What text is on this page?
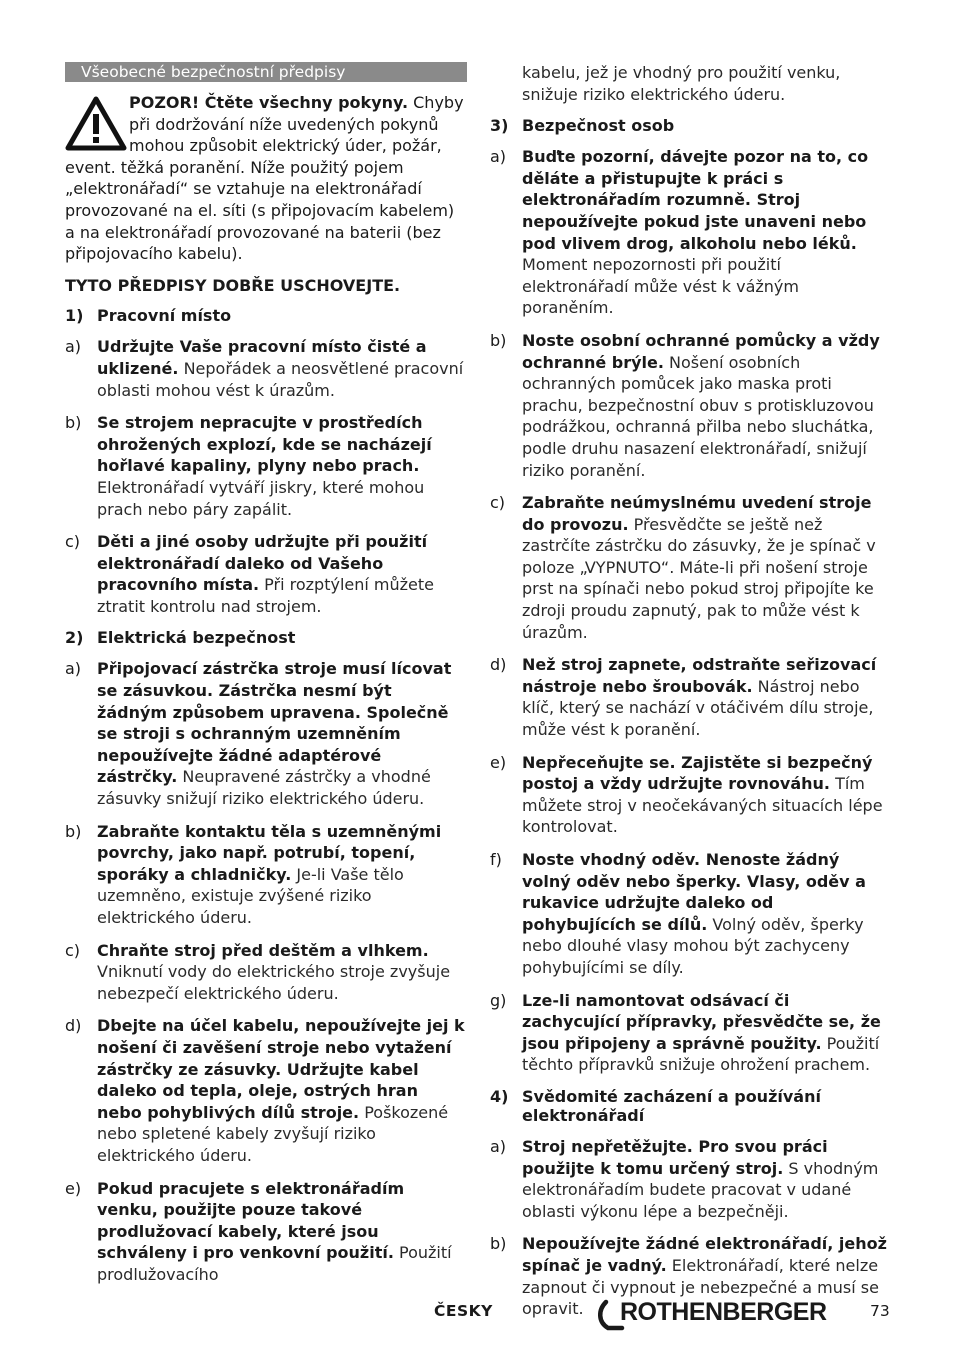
Všeobecné bezpečnostní předpisy

POZOR! Čtěte všechny pokyny. Chyby při dodržování níže uvedených pokynů mohou způsobit elektrický úder, požár, event. těžká poranění. Níže použitý pojem „elektronářadí“ se vztahuje na elektronářadí provozované na el. síti (s připojovacím kabelem) a na elektronářadí provozované na baterii (bez připojovacího kabelu).

TYTO PŘEDPISY DOBŘE USCHOVEJTE.

1) Pracovní místo
a) Udržujte Vaše pracovní místo čisté a uklizené. Nepořádek a neosvětlené pracovní oblasti mohou vést k úrazům.
b) Se strojem nepracujte v prostředích ohrožených explozí, kde se nacházejí hořlavé kapaliny, plyny nebo prach. Elektronářadí vytváří jiskry, které mohou prach nebo páry zapálit.
c)	Děti a jiné osoby udržujte při použití elektronářadí daleko od Vašeho pracovního místa. Při rozptýlení můžete ztratit kontrolu nad strojem.
2) Elektrická bezpečnost
a) Připojovací zástrčka stroje musí lícovat se zásuvkou. Zástrčka nesmí být žádným způsobem upravena. Společně se stroji s ochranným uzemněním nepoužívejte žádné adaptérové zástrčky. Neupravené zástrčky a vhodné zásuvky snižují riziko elektrického úderu.
b) Zabraňte kontaktu těla s uzemněnými povrchy, jako např. potrubí, topení, sporáky a chladničky. Je-li Vaše tělo uzemněno, existuje zvýšené riziko elektrického úderu.
c)	Chraňte stroj před deštěm a vlhkem. Vniknutí vody do elektrického stroje zvyšuje nebezpečí elektrického úderu.
d) Dbejte na účel kabelu, nepoužívejte jej k nošení či zavěšení stroje nebo vytažení zástrčky ze zásuvky. Udržujte kabel daleko od tepla, oleje, ostrých hran nebo pohyblivých dílů stroje. Poškozené nebo spletené kabely zvyšují riziko elektrického úderu.
e) Pokud pracujete s elektronářadím venku, použijte pouze takové prodlužovací kabely, které jsou schváleny i pro venkovní použití. Použití prodlužovacího

kabelu, jež je vhodný pro použití venku, snižuje riziko elektrického úderu.

3) Bezpečnost osob
a) Buďte pozorní, dávejte pozor na to, co děláte a přistupujte k práci s elektronářadím rozumně. Stroj nepoužívejte pokud jste unaveni nebo pod vlivem drog, alkoholu nebo léků. Moment nepozornosti při použití elektronářadí může vést k vážným poraněním.
b) Noste osobní ochranné pomůcky a vždy ochranné brýle. Nošení osobních ochranných pomůcek jako maska proti prachu, bezpečnostní obuv s protiskluzovou podrážkou, ochranná přilba nebo sluchátka, podle druhu nasazení elektronářadí, snižují riziko poranění.
c)	Zabraňte neúmyslnému uvedení stroje do provozu. Přesvědčte se ještě než zastrčíte zástrčku do zásuvky, že je spínač v poloze „VYPNUTO“. Máte-li při nošení stroje prst na spínači nebo pokud stroj připojíte ke zdroji proudu zapnutý, pak to může vést k úrazům.
d) Než stroj zapnete, odstraňte seřizovací nástroje nebo šroubovák. Nástroj nebo klíč, který se nachází v otáčivém dílu stroje, může vést k poranění.
e) Nepřeceňujte se. Zajistěte si bezpečný postoj a vždy udržujte rovnováhu. Tím můžete stroj v neočekávaných situacích lépe kontrolovat.
f)	Noste vhodný oděv. Nenoste žádný volný oděv nebo šperky. Vlasy, oděv a rukavice udržujte daleko od pohybujících se dílů. Volný oděv, šperky nebo dlouhé vlasy mohou být zachyceny pohybujícími se díly.
g) Lze-li namontovat odsávací či zachycující přípravky, přesvědčte se, že jsou připojeny a správně použity. Použití těchto přípravků snižuje ohrožení prachem.
4) Svědomité zacházení a používání elektronářadí
a) Stroj nepřetěžujte. Pro svou práci použijte k tomu určený stroj. S vhodným elektronářadím budete pracovat v udané oblasti výkonu lépe a bezpečněji.
b) Nepoužívejte žádné elektronářadí, jehož spínač je vadný. Elektronářadí, které nelze zapnout či vypnout je nebezpečné a musí se opravit.
ČESKY	ROTHENBERGER	73
